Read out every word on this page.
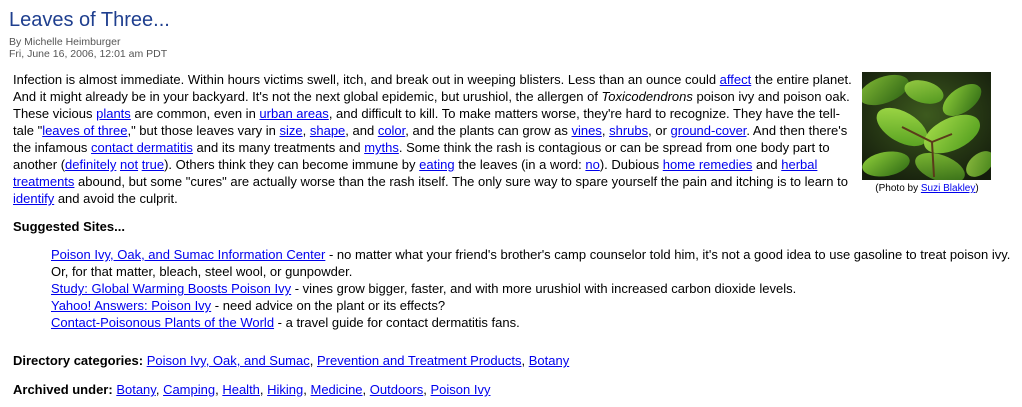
Leaves of Three...
By Michelle Heimburger
Fri, June 16, 2006, 12:01 am PDT

Infection is almost immediate. Within hours victims swell, itch, and break out in weeping blisters. Less than an ounce could affect the entire planet. And it might already be in your backyard. It's not the next global epidemic, but urushiol, the allergen of Toxicodendrons poison ivy and poison oak. These vicious plants are common, even in urban areas, and difficult to kill. To make matters worse, they're hard to recognize. They have the tell-tale "leaves of three," but those leaves vary in size, shape, and color, and the plants can grow as vines, shrubs, or ground-cover. And then there's the infamous contact dermatitis and its many treatments and myths. Some think the rash is contagious or can be spread from one body part to another (definitely not true). Others think they can become immune by eating the leaves (in a word: no). Dubious home remedies and herbal treatments abound, but some "cures" are actually worse than the rash itself. The only sure way to spare yourself the pain and itching is to learn to identify and avoid the culprit.

(Photo by Suzi Blakley)
Suggested Sites...

Poison Ivy, Oak, and Sumac Information Center - no matter what your friend's brother's camp counselor told him, it's not a good idea to use gasoline to treat poison ivy. Or, for that matter, bleach, steel wool, or gunpowder.

Study: Global Warming Boosts Poison Ivy - vines grow bigger, faster, and with more urushiol with increased carbon dioxide levels.

Yahoo! Answers: Poison Ivy - need advice on the plant or its effects?

Contact-Poisonous Plants of the World - a travel guide for contact dermatitis fans.

Directory categories: Poison Ivy, Oak, and Sumac, Prevention and Treatment Products, Botany
Archived under: Botany, Camping, Health, Hiking, Medicine, Outdoors, Poison Ivy
